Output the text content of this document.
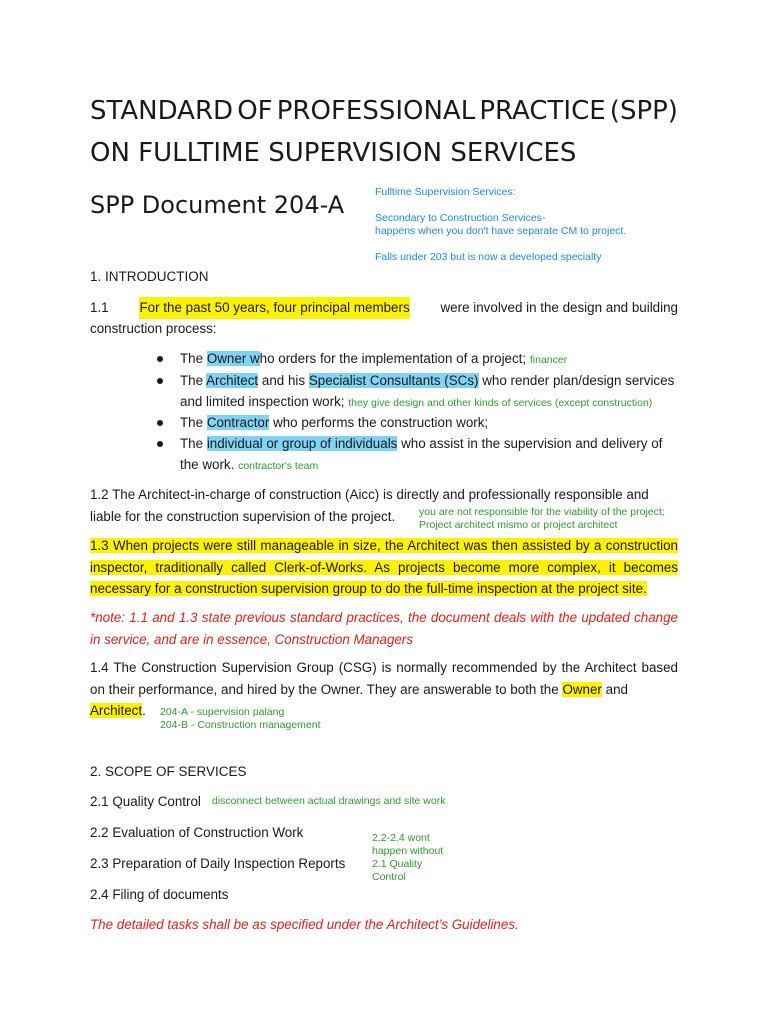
STANDARD OF PROFESSIONAL PRACTICE (SPP)
ON FULLTIME SUPERVISION SERVICES
SPP Document 204-A	Fulltime Supervision Services:
Secondary to Construction Services-
happens when you don't have separate CM to project.
Falls under 203 but is now a developed specialty
1. INTRODUCTION
1.1 For the past 50 years, four principal members were involved in the design and building
construction process:
The Owner who orders for the implementation of a project; financer
The Architect and his Specialist Consultants (SCs) who render plan/design services
and limited inspection work; they give design and other kinds of services (except construction)
The Contractor who performs the construction work;
The individual or group of individuals who assist in the supervision and delivery of
the work. contractor's team
1.2 The Architect-in-charge of construction (Aicc) is directly and professionally responsible and
liable for the construction supervision of the project. you are not responsible for the viability of the project;
Project architect mismo or project architect

1.3 When projects were still manageable in size, the Architect was then assisted by a construction inspector, traditionally called Clerk-of-Works. As projects become more complex, it becomes necessary for a construction supervision group to do the full-time inspection at the project site.

*note: 1.1 and 1.3 state previous standard practices, the document deals with the updated change in service, and are in essence, Construction Managers

1.4 The Construction Supervision Group (CSG) is normally recommended by the Architect based on their performance, and hired by the Owner. They are answerable to both the Owner and

Architect. 204-A - supervision palang
204-B - Construction management
2. SCOPE OF SERVICES
2.1 Quality Control disconnect between actual drawings and site work
2.2 Evaluation of Construction Work
2.3 Preparation of Daily Inspection Reports
2.4 Filing of documents
2.2-2.4 wont
happen without
2.1 Quality
Control
The detailed tasks shall be as specified under the Architect’s Guidelines.
